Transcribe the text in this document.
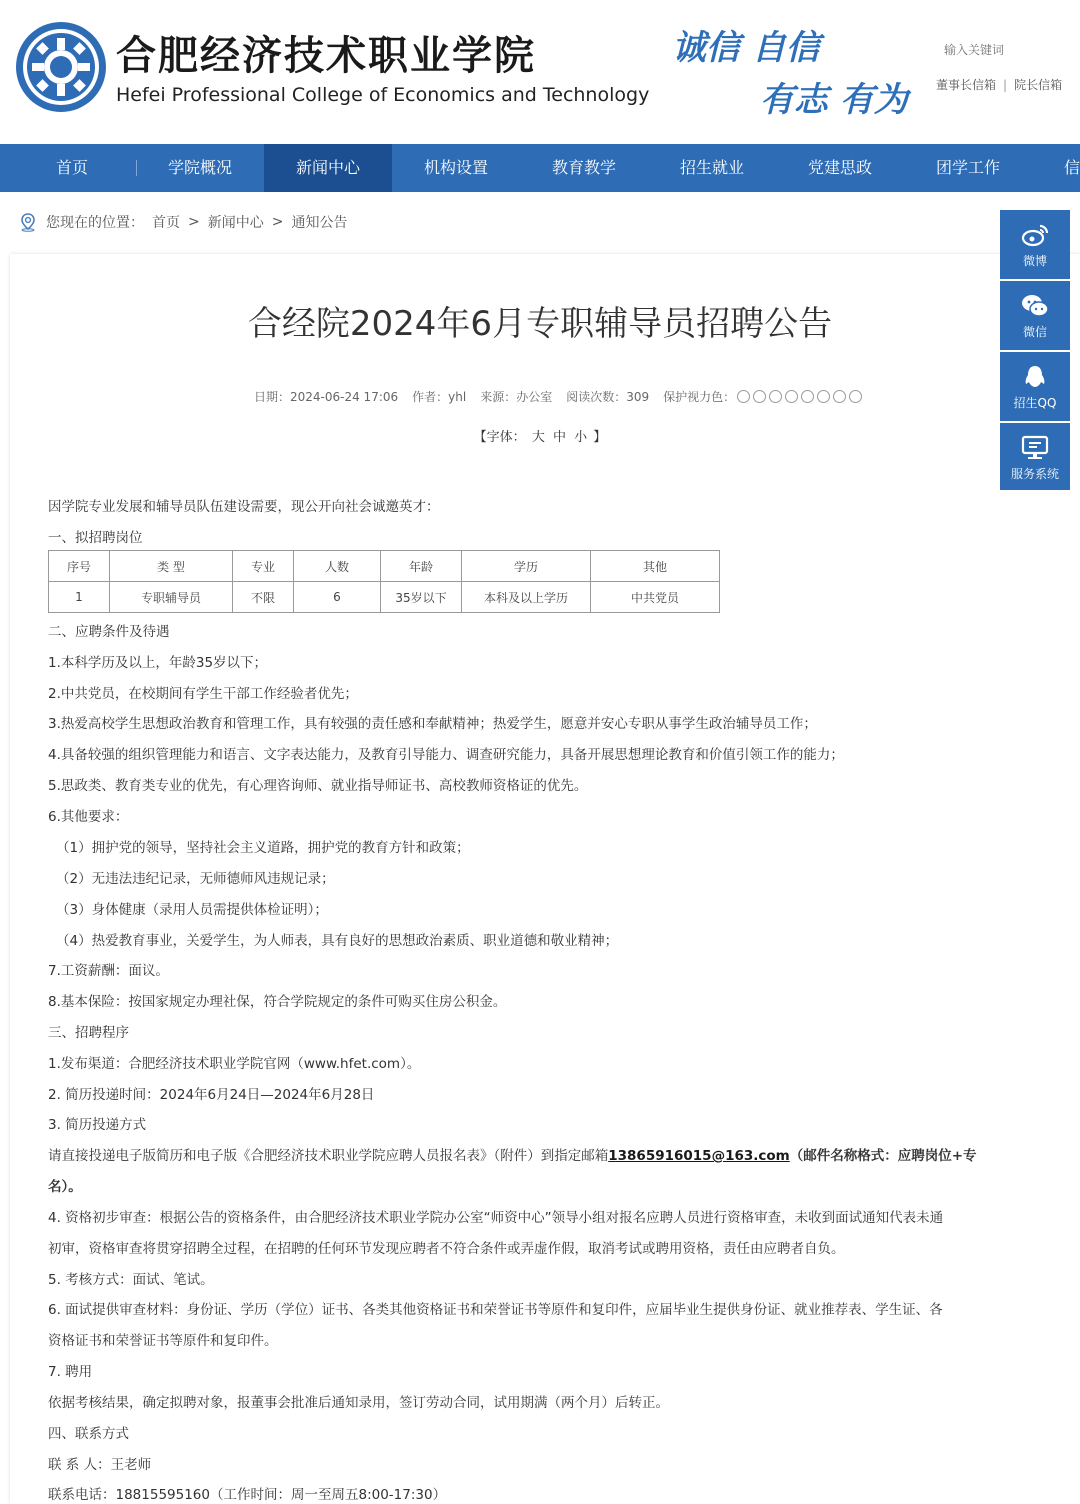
合肥经济技术职业学院
Hefei Professional College of Economics and Technology
诚信 自信
有志 有为
输入关键词 董事长信箱 | 院长信箱
首页	学院概况	新闻中心	机构设置	教育教学	招生就业	党建思政	团学工作	信
您现在的位置： 首页 > 新闻中心 > 通知公告
合经院2024年6月专职辅导员招聘公告
日期：2024-06-24 17:06 作者：yhl 来源：办公室 阅读次数：309 保护视力色：
【字体： 大 中 小 】
微博
微信
招生QQ
服务系统
因学院专业发展和辅导员队伍建设需要，现公开向社会诚邀英才：
一、拟招聘岗位
序号	类 型	专业	人数	年龄	学历	其他
1	专职辅导员	不限	6	35岁以下	本科及以上学历	中共党员
二、应聘条件及待遇
1.本科学历及以上，年龄35岁以下；
2.中共党员，在校期间有学生干部工作经验者优先；
3.热爱高校学生思想政治教育和管理工作，具有较强的责任感和奉献精神；热爱学生，愿意并安心专职从事学生政治辅导员工作；
4.具备较强的组织管理能力和语言、文字表达能力，及教育引导能力、调查研究能力，具备开展思想理论教育和价值引领工作的能力；
5.思政类、教育类专业的优先，有心理咨询师、就业指导师证书、高校教师资格证的优先。
6.其他要求：
（1）拥护党的领导，坚持社会主义道路，拥护党的教育方针和政策；
（2）无违法违纪记录，无师德师风违规记录；
（3）身体健康（录用人员需提供体检证明）；
（4）热爱教育事业，关爱学生，为人师表，具有良好的思想政治素质、职业道德和敬业精神；
7.工资薪酬：面议。
8.基本保险：按国家规定办理社保，符合学院规定的条件可购买住房公积金。
三、招聘程序
1.发布渠道：合肥经济技术职业学院官网（www.hfet.com）。
2. 简历投递时间：2024年6月24日—2024年6月28日
3. 简历投递方式
请直接投递电子版简历和电子版《合肥经济技术职业学院应聘人员报名表》（附件）到指定邮箱13865916015@163.com（邮件名称格式：应聘岗位+专
名）。
4. 资格初步审查：根据公告的资格条件，由合肥经济技术职业学院办公室“师资中心”领导小组对报名应聘人员进行资格审查，未收到面试通知代表未通
初审，资格审查将贯穿招聘全过程，在招聘的任何环节发现应聘者不符合条件或弄虚作假，取消考试或聘用资格，责任由应聘者自负。
5. 考核方式：面试、笔试。
6. 面试提供审查材料：身份证、学历（学位）证书、各类其他资格证书和荣誉证书等原件和复印件，应届毕业生提供身份证、就业推荐表、学生证、各
资格证书和荣誉证书等原件和复印件。
7. 聘用
依据考核结果，确定拟聘对象，报董事会批准后通知录用，签订劳动合同，试用期满（两个月）后转正。
四、联系方式
联 系 人：王老师
联系电话：18815595160（工作时间：周一至周五8:00-17:30）
